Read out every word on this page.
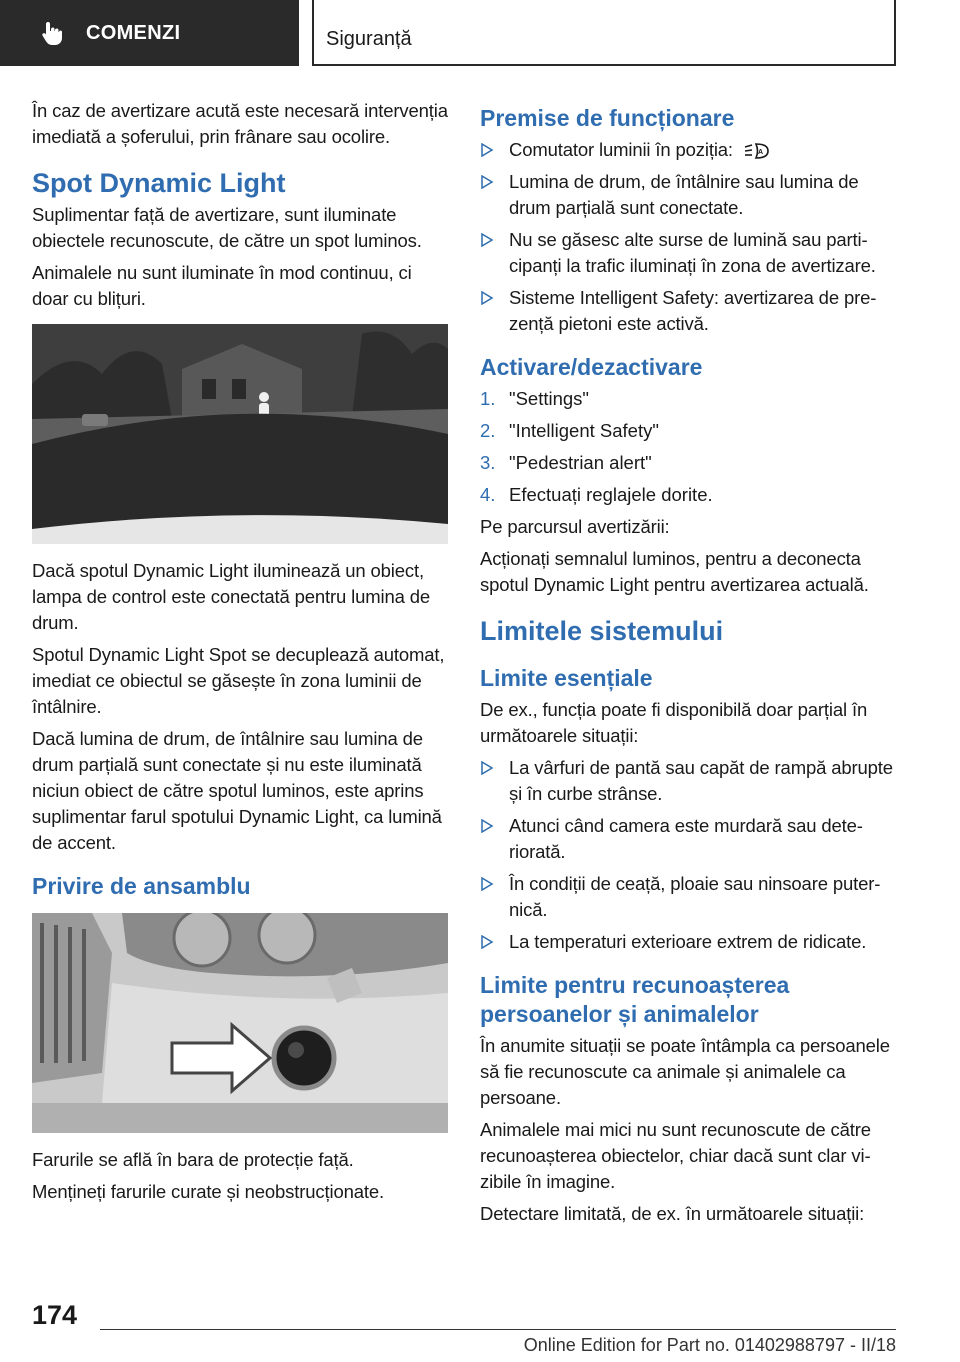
COMENZI	Siguranță

În caz de avertizare acută este necesară intervenția imediată a șoferului, prin frânare sau ocolire.

Spot Dynamic Light

Suplimentar față de avertizare, sunt iluminate obiectele recunoscute, de către un spot luminos.

Animalele nu sunt iluminate în mod continuu, ci doar cu blițuri.

Dacă spotul Dynamic Light iluminează un obiect, lampa de control este conectată pentru lumina de drum.

Spotul Dynamic Light Spot se decuplează automat, imediat ce obiectul se găsește în zona luminii de întâlnire.

Dacă lumina de drum, de întâlnire sau lumina de drum parțială sunt conectate și nu este iluminată niciun obiect de către spotul luminos, este aprins suplimentar farul spotului Dynamic Light, ca lumină de accent.

Privire de ansamblu

Farurile se află în bara de protecție față.

Mențineți farurile curate și neobstrucționate.

Premise de funcționare
Comutator luminii în poziția:	A
Lumina de drum, de întâlnire sau lumina de drum parțială sunt conectate.
Nu se găsesc alte surse de lumină sau participanți la trafic iluminați în zona de avertizare.
Sisteme Intelligent Safety: avertizarea de prezență pietoni este activă.
Activare/dezactivare
1. "Settings"
2. "Intelligent Safety"
3. "Pedestrian alert"
4. Efectuați reglajele dorite.

Pe parcursul avertizării:

Acționați semnalul luminos, pentru a deconecta spotul Dynamic Light pentru avertizarea actuală.

Limitele sistemului
Limite esențiale

De ex., funcția poate fi disponibilă doar parțial în următoarele situații:

La vârfuri de pantă sau capăt de rampă abrupte și în curbe strânse.
Atunci când camera este murdară sau deteriorată.
În condiții de ceață, ploaie sau ninsoare puternică.
La temperaturi exterioare extrem de ridicate.
Limite pentru recunoașterea persoanelor și animalelor

În anumite situații se poate întâmpla ca persoanele să fie recunoscute ca animale și animalele ca persoane.

Animalele mai mici nu sunt recunoscute de către recunoașterea obiectelor, chiar dacă sunt clar vizibile în imagine.

Detectare limitată, de ex. în următoarele situații:

174
Online Edition for Part no. 01402988797 - II/18
